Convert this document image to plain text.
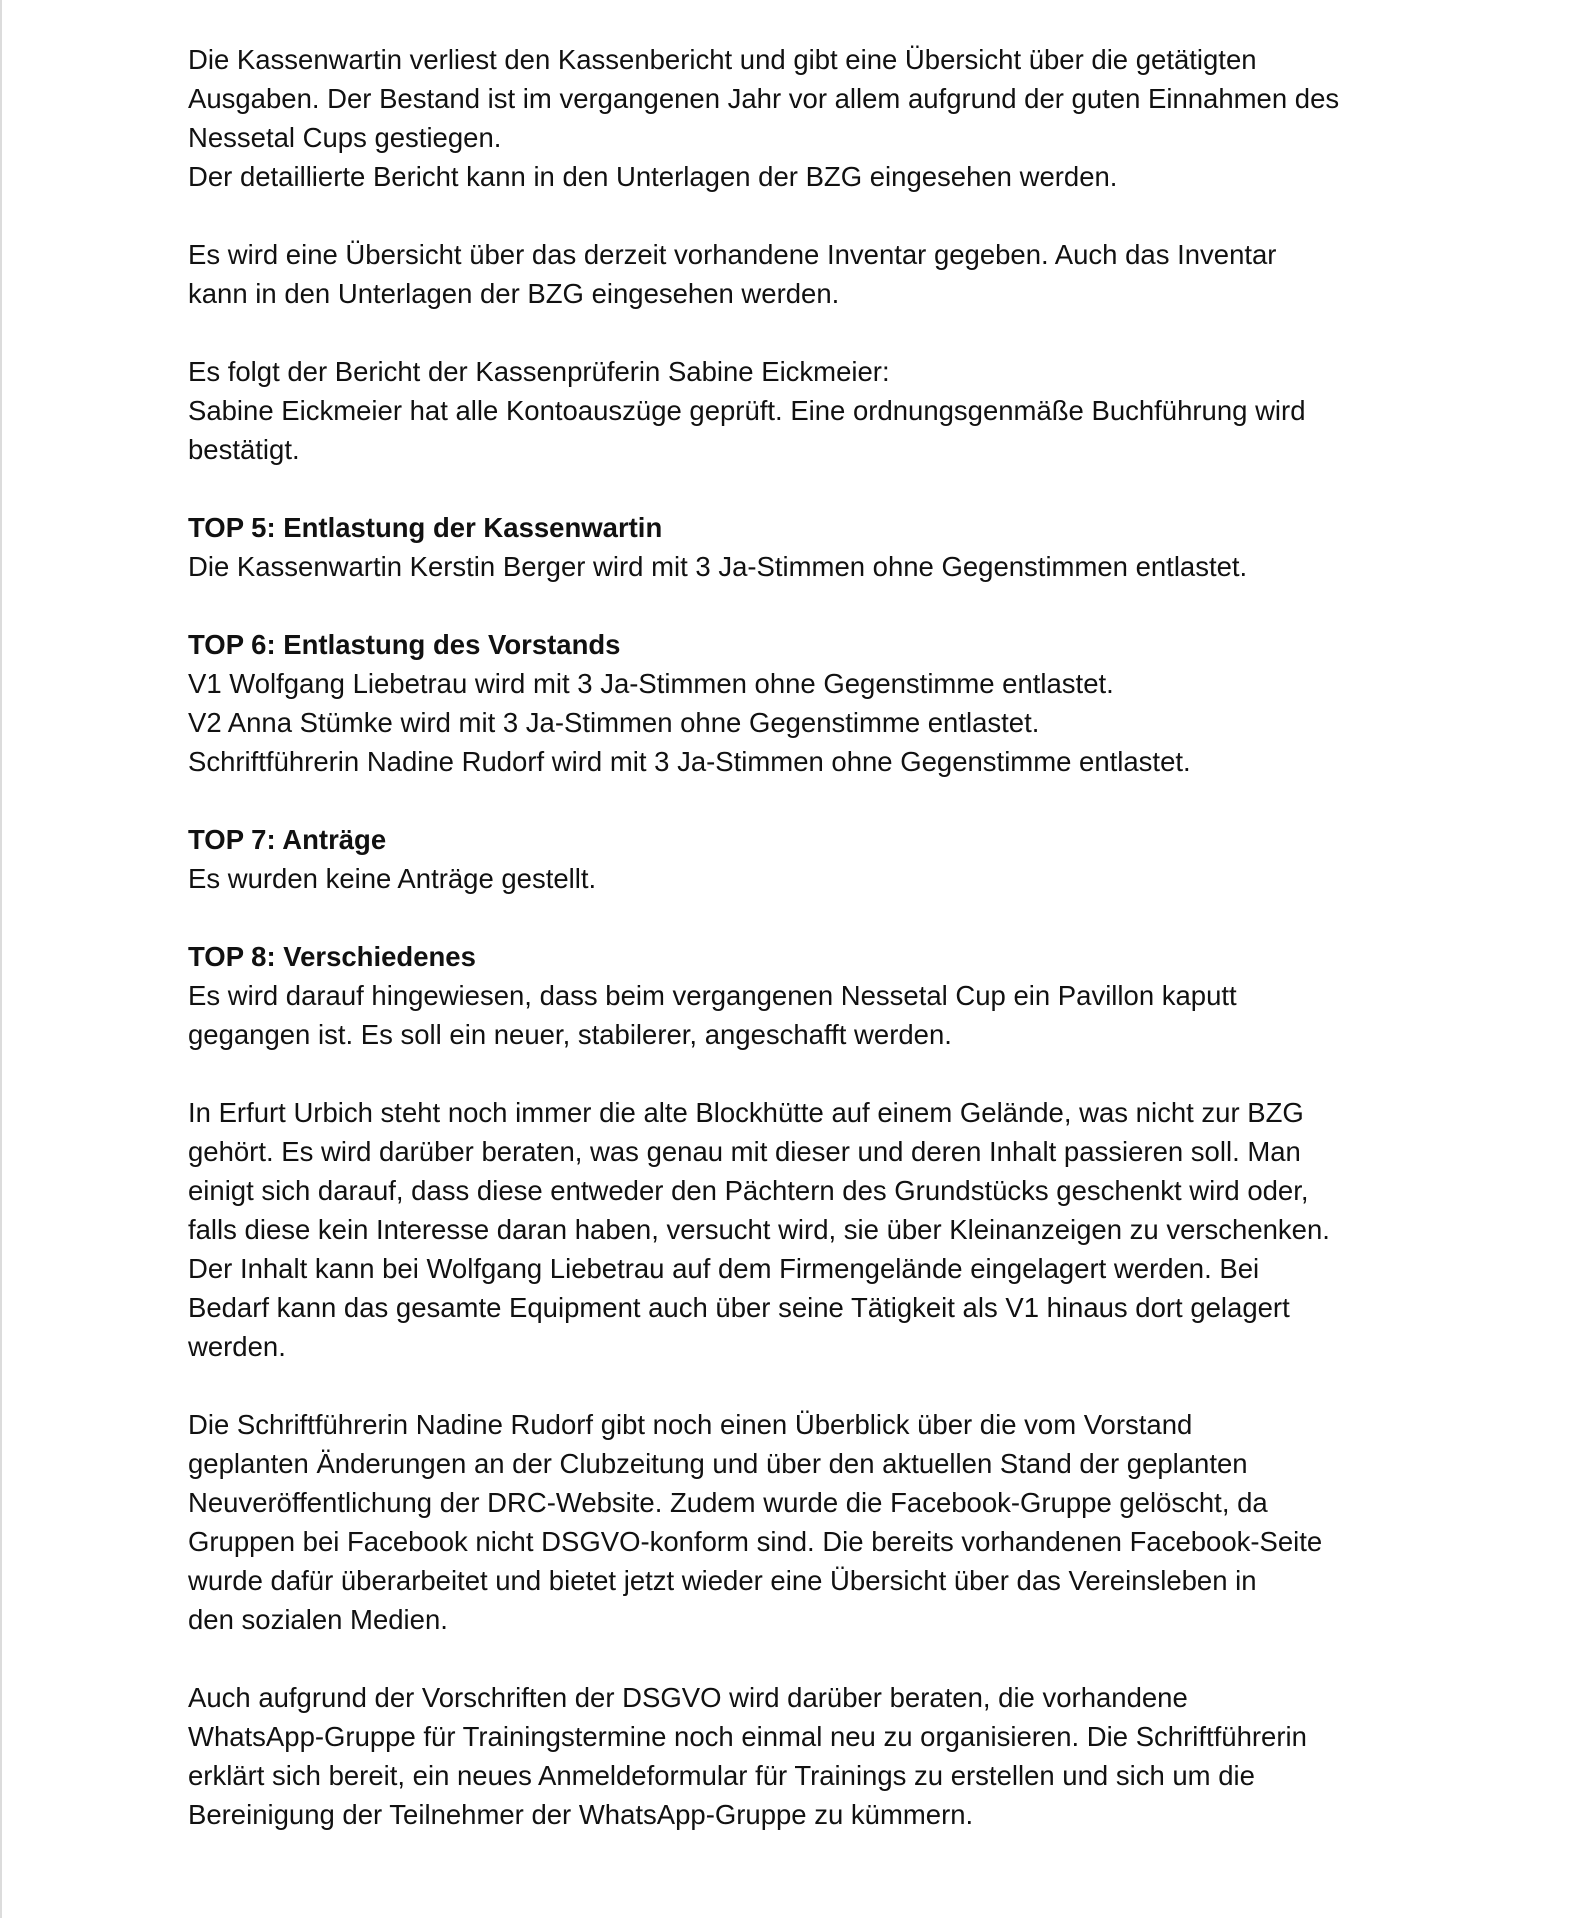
Die Kassenwartin verliest den Kassenbericht und gibt eine Übersicht über die getätigten
Ausgaben. Der Bestand ist im vergangenen Jahr vor allem aufgrund der guten Einnahmen des
Nessetal Cups gestiegen.
Der detaillierte Bericht kann in den Unterlagen der BZG eingesehen werden.
Es wird eine Übersicht über das derzeit vorhandene Inventar gegeben. Auch das Inventar
kann in den Unterlagen der BZG eingesehen werden.
Es folgt der Bericht der Kassenprüferin Sabine Eickmeier:
Sabine Eickmeier hat alle Kontoauszüge geprüft. Eine ordnungsgenmäße Buchführung wird
bestätigt.
TOP 5: Entlastung der Kassenwartin
Die Kassenwartin Kerstin Berger wird mit 3 Ja-Stimmen ohne Gegenstimmen entlastet.
TOP 6: Entlastung des Vorstands
V1 Wolfgang Liebetrau wird mit 3 Ja-Stimmen ohne Gegenstimme entlastet.
V2 Anna Stümke wird mit 3 Ja-Stimmen ohne Gegenstimme entlastet.
Schriftführerin Nadine Rudorf wird mit 3 Ja-Stimmen ohne Gegenstimme entlastet.
TOP 7: Anträge
Es wurden keine Anträge gestellt.
TOP 8: Verschiedenes
Es wird darauf hingewiesen, dass beim vergangenen Nessetal Cup ein Pavillon kaputt
gegangen ist. Es soll ein neuer, stabilerer, angeschafft werden.
In Erfurt Urbich steht noch immer die alte Blockhütte auf einem Gelände, was nicht zur BZG
gehört. Es wird darüber beraten, was genau mit dieser und deren Inhalt passieren soll. Man
einigt sich darauf, dass diese entweder den Pächtern des Grundstücks geschenkt wird oder,
falls diese kein Interesse daran haben, versucht wird, sie über Kleinanzeigen zu verschenken.
Der Inhalt kann bei Wolfgang Liebetrau auf dem Firmengelände eingelagert werden. Bei
Bedarf kann das gesamte Equipment auch über seine Tätigkeit als V1 hinaus dort gelagert
werden.
Die Schriftführerin Nadine Rudorf gibt noch einen Überblick über die vom Vorstand
geplanten Änderungen an der Clubzeitung und über den aktuellen Stand der geplanten
Neuveröffentlichung der DRC-Website. Zudem wurde die Facebook-Gruppe gelöscht, da
Gruppen bei Facebook nicht DSGVO-konform sind. Die bereits vorhandenen Facebook-Seite
wurde dafür überarbeitet und bietet jetzt wieder eine Übersicht über das Vereinsleben in
den sozialen Medien.
Auch aufgrund der Vorschriften der DSGVO wird darüber beraten, die vorhandene
WhatsApp-Gruppe für Trainingstermine noch einmal neu zu organisieren. Die Schriftführerin
erklärt sich bereit, ein neues Anmeldeformular für Trainings zu erstellen und sich um die
Bereinigung der Teilnehmer der WhatsApp-Gruppe zu kümmern.
